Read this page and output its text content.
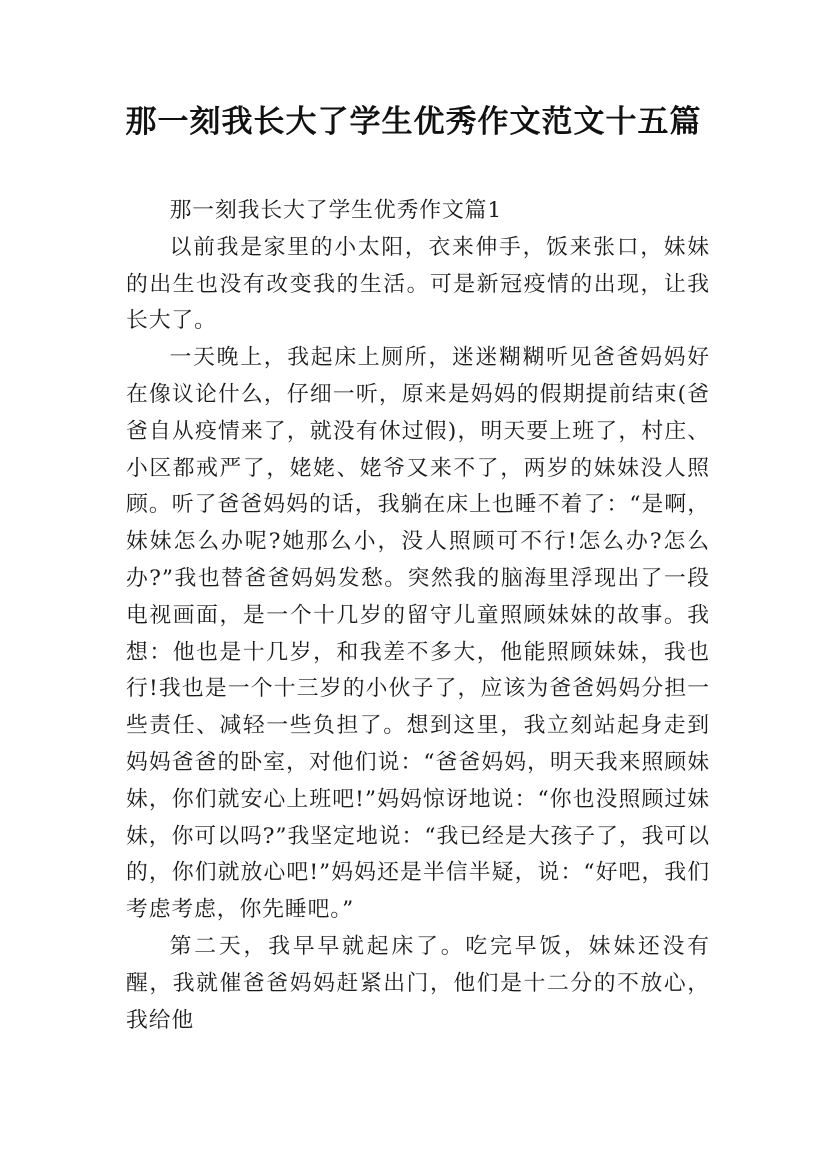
那一刻我长大了学生优秀作文范文十五篇

那一刻我长大了学生优秀作文篇1

以前我是家里的小太阳，衣来伸手，饭来张口，妹妹的出生也没有改变我的生活。可是新冠疫情的出现，让我长大了。

一天晚上，我起床上厕所，迷迷糊糊听见爸爸妈妈好在像议论什么，仔细一听，原来是妈妈的假期提前结束(爸爸自从疫情来了，就没有休过假)，明天要上班了，村庄、小区都戒严了，姥姥、姥爷又来不了，两岁的妹妹没人照顾。听了爸爸妈妈的话，我躺在床上也睡不着了：“是啊，妹妹怎么办呢?她那么小，没人照顾可不行!怎么办?怎么办?”我也替爸爸妈妈发愁。突然我的脑海里浮现出了一段电视画面，是一个十几岁的留守儿童照顾妹妹的故事。我想：他也是十几岁，和我差不多大，他能照顾妹妹，我也行!我也是一个十三岁的小伙子了，应该为爸爸妈妈分担一些责任、减轻一些负担了。想到这里，我立刻站起身走到妈妈爸爸的卧室，对他们说：“爸爸妈妈，明天我来照顾妹妹，你们就安心上班吧!”妈妈惊讶地说：“你也没照顾过妹妹，你可以吗?”我坚定地说：“我已经是大孩子了，我可以的，你们就放心吧!”妈妈还是半信半疑，说：“好吧，我们考虑考虑，你先睡吧。”

第二天，我早早就起床了。吃完早饭，妹妹还没有醒，我就催爸爸妈妈赶紧出门，他们是十二分的不放心，我给他
